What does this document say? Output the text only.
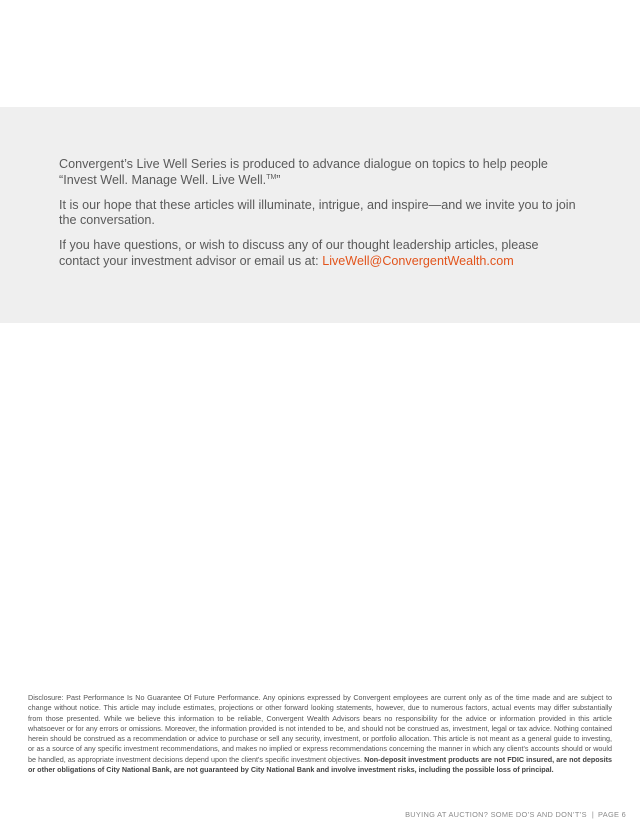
Convergent’s Live Well Series is produced to advance dialogue on topics to help people “Invest Well. Manage Well. Live Well.™”

It is our hope that these articles will illuminate, intrigue, and inspire—and we invite you to join the conversation.

If you have questions, or wish to discuss any of our thought leadership articles, please contact your investment advisor or email us at: LiveWell@ConvergentWealth.com

Disclosure: Past Performance Is No Guarantee Of Future Performance. Any opinions expressed by Convergent employees are current only as of the time made and are subject to change without notice. This article may include estimates, projections or other forward looking statements, however, due to numerous factors, actual events may differ substantially from those presented. While we believe this information to be reliable, Convergent Wealth Advisors bears no responsibility for the advice or information provided in this article whatsoever or for any errors or omissions. Moreover, the information provided is not intended to be, and should not be construed as, investment, legal or tax advice. Nothing contained herein should be construed as a recommendation or advice to purchase or sell any security, investment, or portfolio allocation. This article is not meant as a general guide to investing, or as a source of any specific investment recommendations, and makes no implied or express recommendations concerning the manner in which any client's accounts should or would be handled, as appropriate investment decisions depend upon the client's specific investment objectives. Non-deposit investment products are not FDIC insured, are not deposits or other obligations of City National Bank, are not guaranteed by City National Bank and involve investment risks, including the possible loss of principal.
BUYING AT AUCTION? SOME DO’S AND DON’T’S | PAGE 6
